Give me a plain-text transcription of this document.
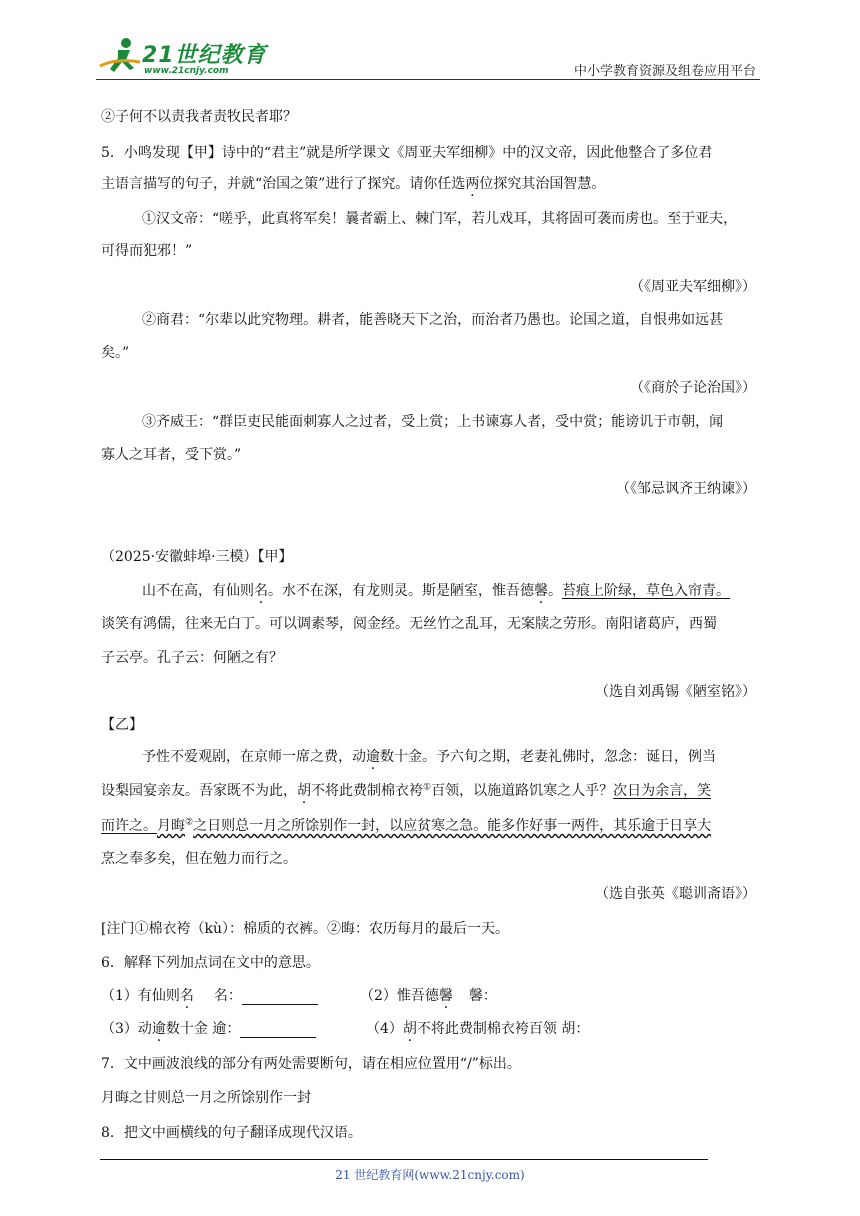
21世纪教育
www.21cnjy.com	中小学教育资源及组卷应用平台
②子何不以责我者责牧民者耶？
5．小鸣发现【甲】诗中的“君主”就是所学课文《周亚夫军细柳》中的汉文帝，因此他整合了多位君
主语言描写的句子，并就“治国之策”进行了探究。请你任选两位探究其治国智慧。
①汉文帝：“嗟乎，此真将军矣！曩者霸上、棘门军，若儿戏耳，其将固可袭而虏也。至于亚夫，
可得而犯邪！”
（《周亚夫军细柳》）
②商君：“尔辈以此究物理。耕者，能善晓天下之治，而治者乃愚也。论国之道，自恨弗如远甚
矣。”
（《商於子论治国》）
③齐威王：“群臣吏民能面刺寡人之过者，受上赏；上书谏寡人者，受中赏；能谤讥于市朝，闻
寡人之耳者，受下赏。”
（《邹忌讽齐王纳谏》）
（2025·安徽蚌埠·三模）【甲】
山不在高，有仙则名。水不在深，有龙则灵。斯是陋室，惟吾德馨。苔痕上阶绿，草色入帘青。
谈笑有鸿儒，往来无白丁。可以调素琴，阅金经。无丝竹之乱耳，无案牍之劳形。南阳诸葛庐，西蜀
子云亭。孔子云：何陋之有？
（选自刘禹锡《陋室铭》）
【乙】
予性不爱观剧，在京师一席之费，动逾数十金。予六旬之期，老妻礼佛时，忽念：诞日，例当
设梨园宴亲友。吾家既不为此，胡不将此费制棉衣袴①百领，以施道路饥寒之人乎？次日为余言，笑
而许之。月晦②之日则总一月之所馀别作一封，以应贫寒之急。能多作好事一两件，其乐逾于日享大
烹之奉多矣，但在勉力而行之。
（选自张英《聪训斋语》）
[注门①棉衣袴（kù）：棉质的衣裤。②晦：农历每月的最后一天。
6．解释下列加点词在文中的意思。
（1）有仙则名 名：	（2）惟吾德馨 馨：
（3）动逾数十金 逾：	（4）胡不将此费制棉衣袴百领 胡：
7．文中画波浪线的部分有两处需要断句，请在相应位置用“/”标出。
月晦之甘则总一月之所馀别作一封
8．把文中画横线的句子翻译成现代汉语。
21 世纪教育网(www.21cnjy.com)
